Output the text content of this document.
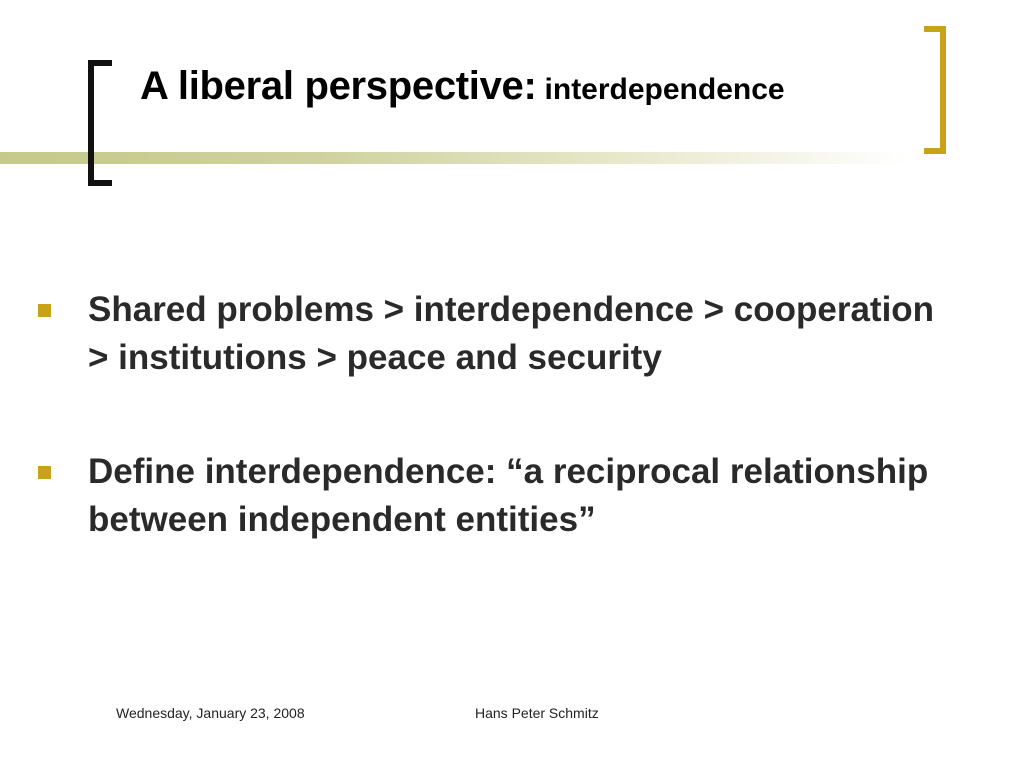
A liberal perspective: interdependence
Shared problems > interdependence > cooperation > institutions > peace and security
Define interdependence: “a reciprocal relationship between independent entities”
Wednesday, January 23, 2008	Hans Peter Schmitz
